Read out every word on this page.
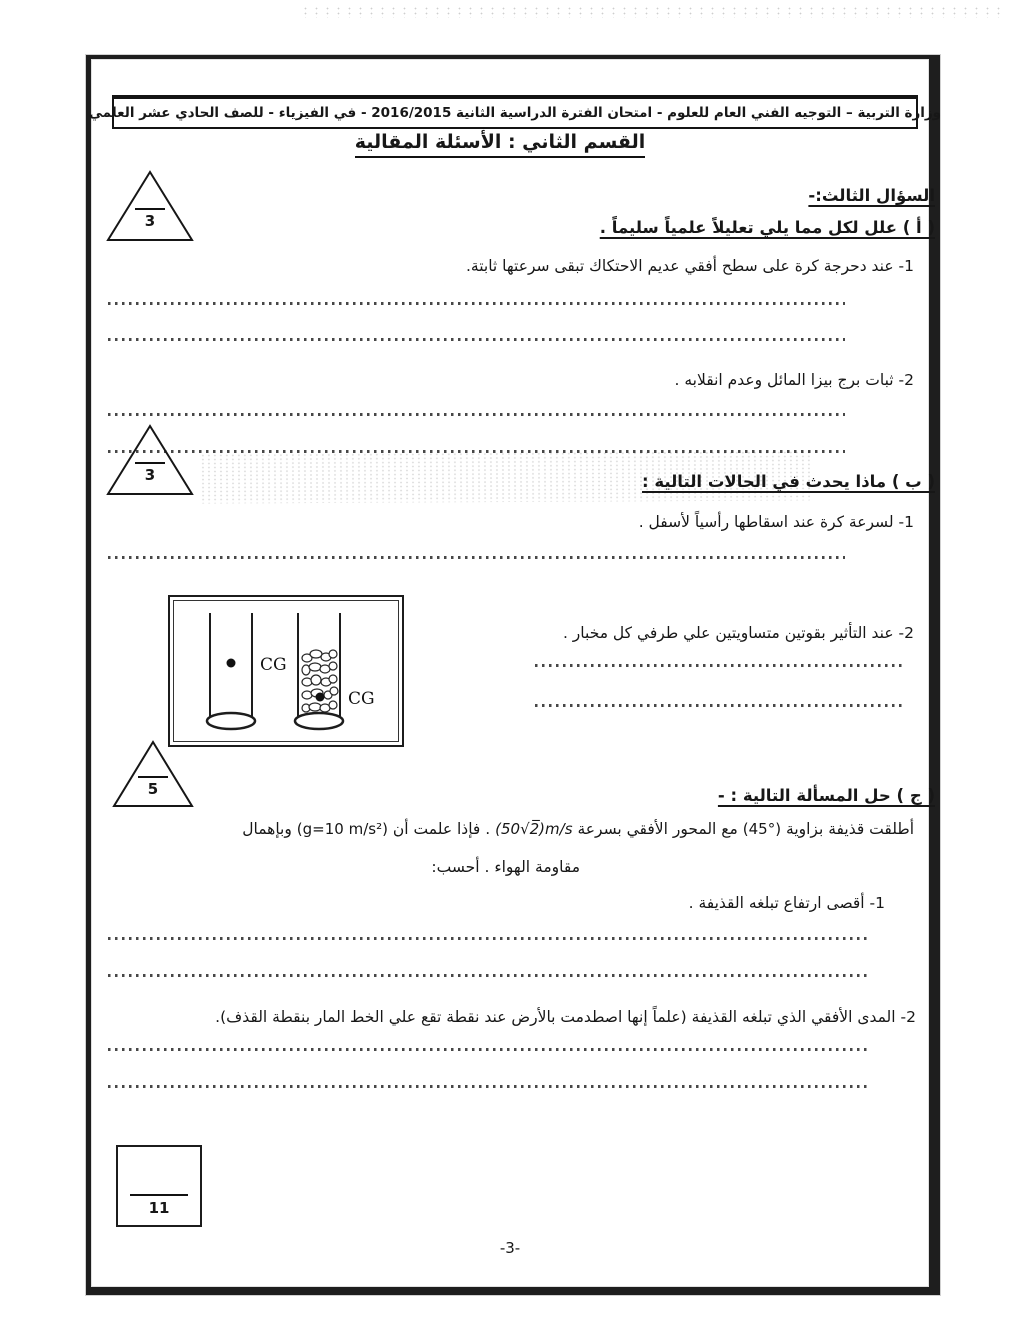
وزارة التربية – التوجيه الفني العام للعلوم - امتحان الفترة الدراسية الثانية 2016/2015 - في الفيزياء - للصف الحادي عشر العلمي
القسم الثاني : الأسئلة المقالية
السؤال الثالث:-
3	( أ ) علل لكل مما يلي تعليلاً علمياً سليماً .
1- عند دحرجة كرة على سطح أفقي عديم الاحتكاك تبقى سرعتها ثابتة.
2- ثبات برج بيزا المائل وعدم انقلابه .
3	( ب ) ماذا يحدث في الحالات التالية :
1- لسرعة كرة عند اسقاطها رأسياً لأسفل .
CG
CG
2- عند التأثير بقوتين متساويتين علي طرفي كل مخبار .
5	( ج ) حل المسألة التالية : -
أطلقت قذيفة بزاوية (45°) مع المحور الأفقي بسرعة (50√2̅)m/s . فإذا علمت أن (g=10 m/s²) وبإهمال
مقاومة الهواء . أحسب:
1- أقصى ارتفاع تبلغه القذيفة .
2- المدى الأفقي الذي تبلغه القذيفة (علماً إنها اصطدمت بالأرض عند نقطة تقع علي الخط المار بنقطة القذف).
11
-3-
